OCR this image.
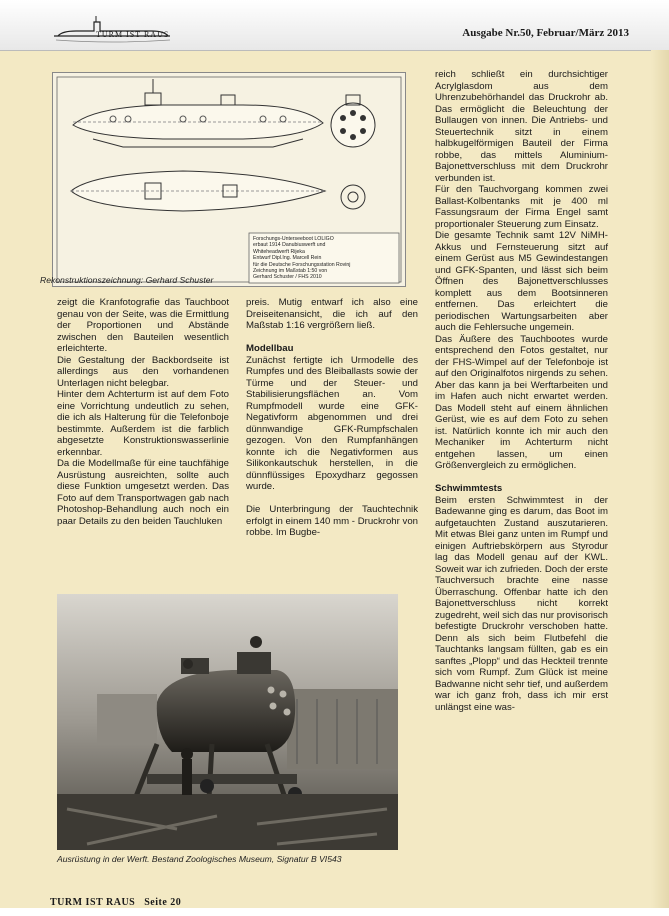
TURM IST RAUS	Ausgabe Nr.50, Februar/März 2013
Forschungs-Unterseeboot LOLIGO
erbaut 1914 Danubiuswerft und
Whiteheadwerft Rijeka
Entwurf Dipl.Ing. Marcell Rein
für die Deutsche Forschungsstation Rovinj
Zeichnung im Maßstab 1:50 von
Gerhard Schuster / FHS 2010
Rekonstruktionszeichnung: Gerhard Schuster

zeigt die Kranfotografie das Tauchboot genau von der Seite, was die Ermittlung der Proportionen und Abstände zwischen den Bauteilen wesentlich erleichterte.

Die Gestaltung der Backbordseite ist allerdings aus den vorhandenen Unterlagen nicht belegbar.

Hinter dem Achterturm ist auf dem Foto eine Vorrichtung undeutlich zu sehen, die ich als Halterung für die Telefonboje bestimmte. Außerdem ist die farblich abgesetzte Konstruktionswasserlinie erkennbar.

Da die Modellmaße für eine tauchfähige Ausrüstung ausreichten, sollte auch diese Funktion umgesetzt werden. Das Foto auf dem Transportwagen gab nach Photoshop-Behandlung auch noch ein paar Details zu den beiden Tauchluken

preis. Mutig entwarf ich also eine Dreiseitenansicht, die ich auf den Maßstab 1:16 vergrößern ließ.

Modellbau

Zunächst fertigte ich Urmodelle des Rumpfes und des Bleiballasts sowie der Türme und der Steuer- und Stabilisierungsflächen an. Vom Rumpfmodell wurde eine GFK-Negativform abgenommen und drei dünnwandige GFK-Rumpfschalen gezogen. Von den Rumpfanhängen konnte ich die Negativformen aus Silikonkautschuk herstellen, in die dünnflüssiges Epoxydharz gegossen wurde.

Die Unterbringung der Tauchtechnik erfolgt in einem 140 mm - Druckrohr von robbe. Im Bugbe-

reich schließt ein durchsichtiger Acrylglasdom aus dem Uhrenzubehörhandel das Druckrohr ab. Das ermöglicht die Beleuchtung der Bullaugen von innen. Die Antriebs- und Steuertechnik sitzt in einem halbkugelförmigen Bauteil der Firma robbe, das mittels Aluminium-Bajonettverschluss mit dem Druckrohr verbunden ist.

Für den Tauchvorgang kommen zwei Ballast-Kolbentanks mit je 400 ml Fassungsraum der Firma Engel samt proportionaler Steuerung zum Einsatz.

Die gesamte Technik samt 12V NiMH-Akkus und Fernsteuerung sitzt auf einem Gerüst aus M5 Gewindestangen und GFK-Spanten, und lässt sich beim Öffnen des Bajonettverschlusses komplett aus dem Bootsinneren entfernen. Das erleichtert die periodischen Wartungsarbeiten aber auch die Fehlersuche ungemein.

Das Äußere des Tauchbootes wurde entsprechend den Fotos gestaltet, nur der FHS-Wimpel auf der Telefonboje ist auf den Originalfotos nirgends zu sehen. Aber das kann ja bei Werftarbeiten und im Hafen auch nicht erwartet werden. Das Modell steht auf einem ähnlichen Gerüst, wie es auf dem Foto zu sehen ist. Natürlich konnte ich mir auch den Mechaniker im Achterturm nicht entgehen lassen, um einen Größenvergleich zu ermöglichen.

Schwimmtests

Beim ersten Schwimmtest in der Badewanne ging es darum, das Boot im aufgetauchten Zustand auszutarieren. Mit etwas Blei ganz unten im Rumpf und einigen Auftriebskörpern aus Styrodur lag das Modell genau auf der KWL. Soweit war ich zufrieden. Doch der erste Tauchversuch brachte eine nasse Überraschung. Offenbar hatte ich den Bajonettverschluss nicht korrekt zugedreht, weil sich das nur provisorisch befestigte Druckrohr verschoben hatte. Denn als sich beim Flutbefehl die Tauchtanks langsam füllten, gab es ein sanftes „Plopp“ und das Heckteil trennte sich vom Rumpf. Zum Glück ist meine Badwanne nicht sehr tief, und außerdem war ich ganz froh, dass ich mir erst unlängst eine was-

Ausrüstung in der Werft. Bestand Zoologisches Museum, Signatur B VI543
TURM IST RAUS Seite 20
